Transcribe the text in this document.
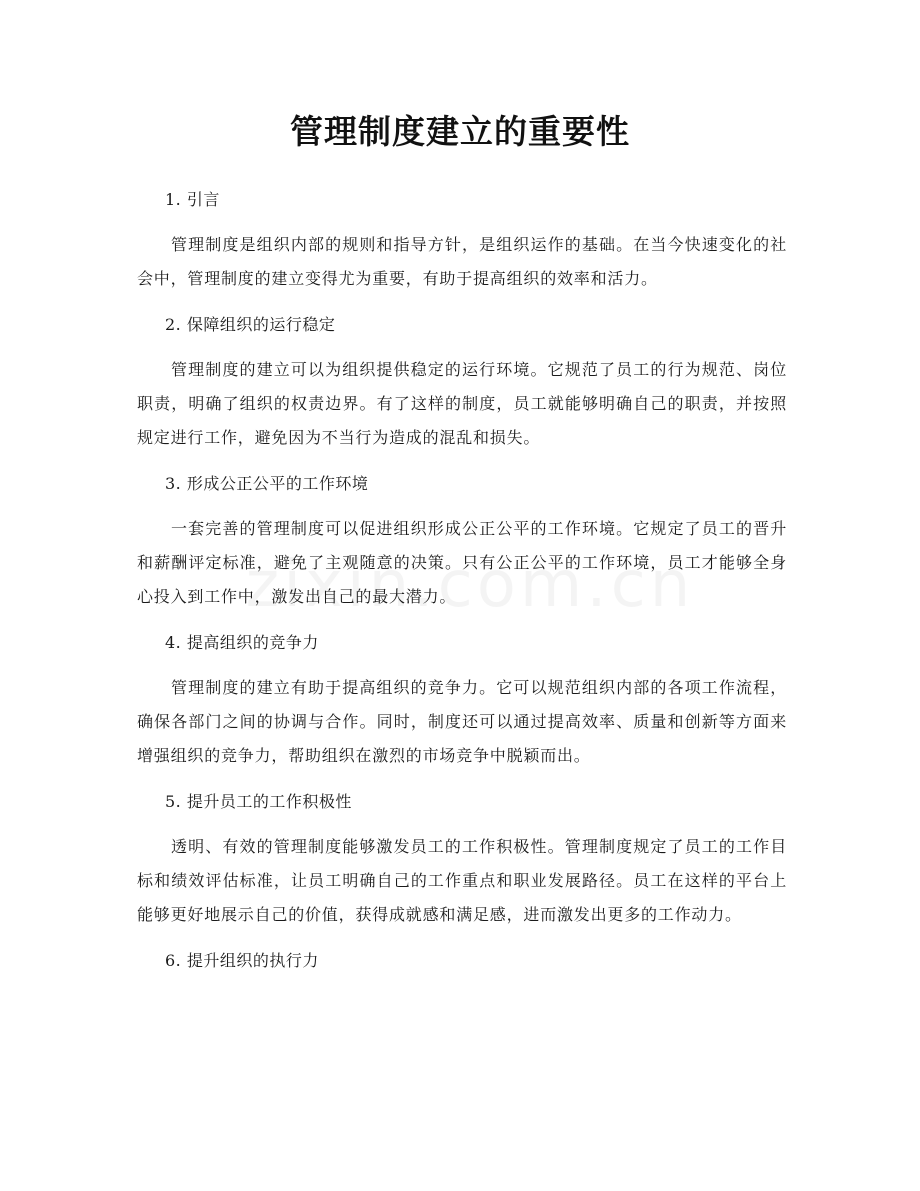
管理制度建立的重要性

1. 引言

管理制度是组织内部的规则和指导方针，是组织运作的基础。在当今快速变化的社会中，管理制度的建立变得尤为重要，有助于提高组织的效率和活力。

2. 保障组织的运行稳定

管理制度的建立可以为组织提供稳定的运行环境。它规范了员工的行为规范、岗位职责，明确了组织的权责边界。有了这样的制度，员工就能够明确自己的职责，并按照规定进行工作，避免因为不当行为造成的混乱和损失。

3. 形成公正公平的工作环境

一套完善的管理制度可以促进组织形成公正公平的工作环境。它规定了员工的晋升和薪酬评定标准，避免了主观随意的决策。只有公正公平的工作环境，员工才能够全身心投入到工作中，激发出自己的最大潜力。

4. 提高组织的竞争力

管理制度的建立有助于提高组织的竞争力。它可以规范组织内部的各项工作流程，确保各部门之间的协调与合作。同时，制度还可以通过提高效率、质量和创新等方面来增强组织的竞争力，帮助组织在激烈的市场竞争中脱颖而出。

5. 提升员工的工作积极性

透明、有效的管理制度能够激发员工的工作积极性。管理制度规定了员工的工作目标和绩效评估标准，让员工明确自己的工作重点和职业发展路径。员工在这样的平台上能够更好地展示自己的价值，获得成就感和满足感，进而激发出更多的工作动力。

6. 提升组织的执行力
